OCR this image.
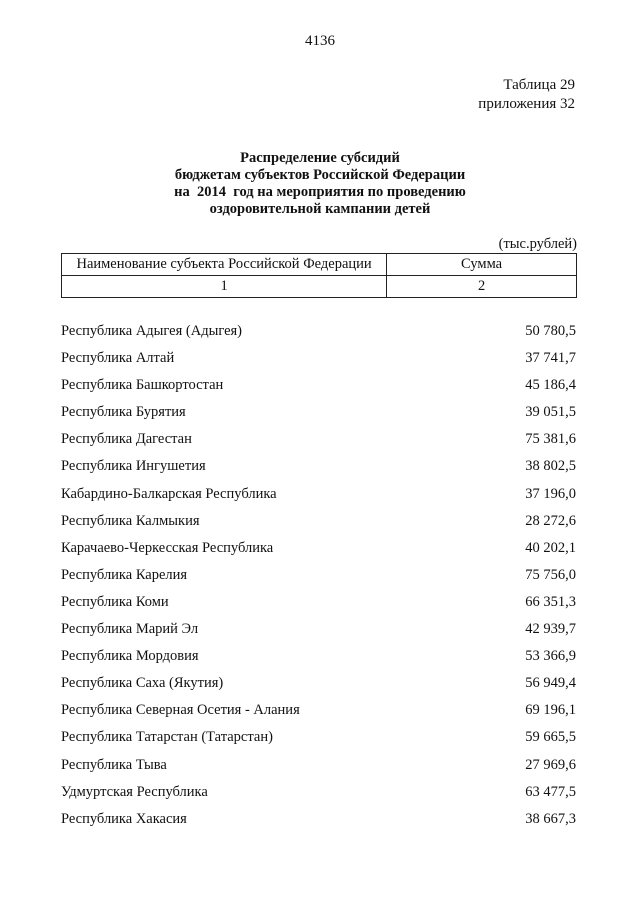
4136
Таблица 29
приложения 32
Распределение субсидий
бюджетам субъектов Российской Федерации
на  2014  год на мероприятия по проведению
оздоровительной кампании детей
(тыс.рублей)
Наименование субъекта Российской Федерации	Сумма
1	2
Республика Адыгея (Адыгея)	50 780,5
Республика Алтай	37 741,7
Республика Башкортостан	45 186,4
Республика Бурятия	39 051,5
Республика Дагестан	75 381,6
Республика Ингушетия	38 802,5
Кабардино-Балкарская Республика	37 196,0
Республика Калмыкия	28 272,6
Карачаево-Черкесская Республика	40 202,1
Республика Карелия	75 756,0
Республика Коми	66 351,3
Республика Марий Эл	42 939,7
Республика Мордовия	53 366,9
Республика Саха (Якутия)	56 949,4
Республика Северная Осетия - Алания	69 196,1
Республика Татарстан (Татарстан)	59 665,5
Республика Тыва	27 969,6
Удмуртская Республика	63 477,5
Республика Хакасия	38 667,3
